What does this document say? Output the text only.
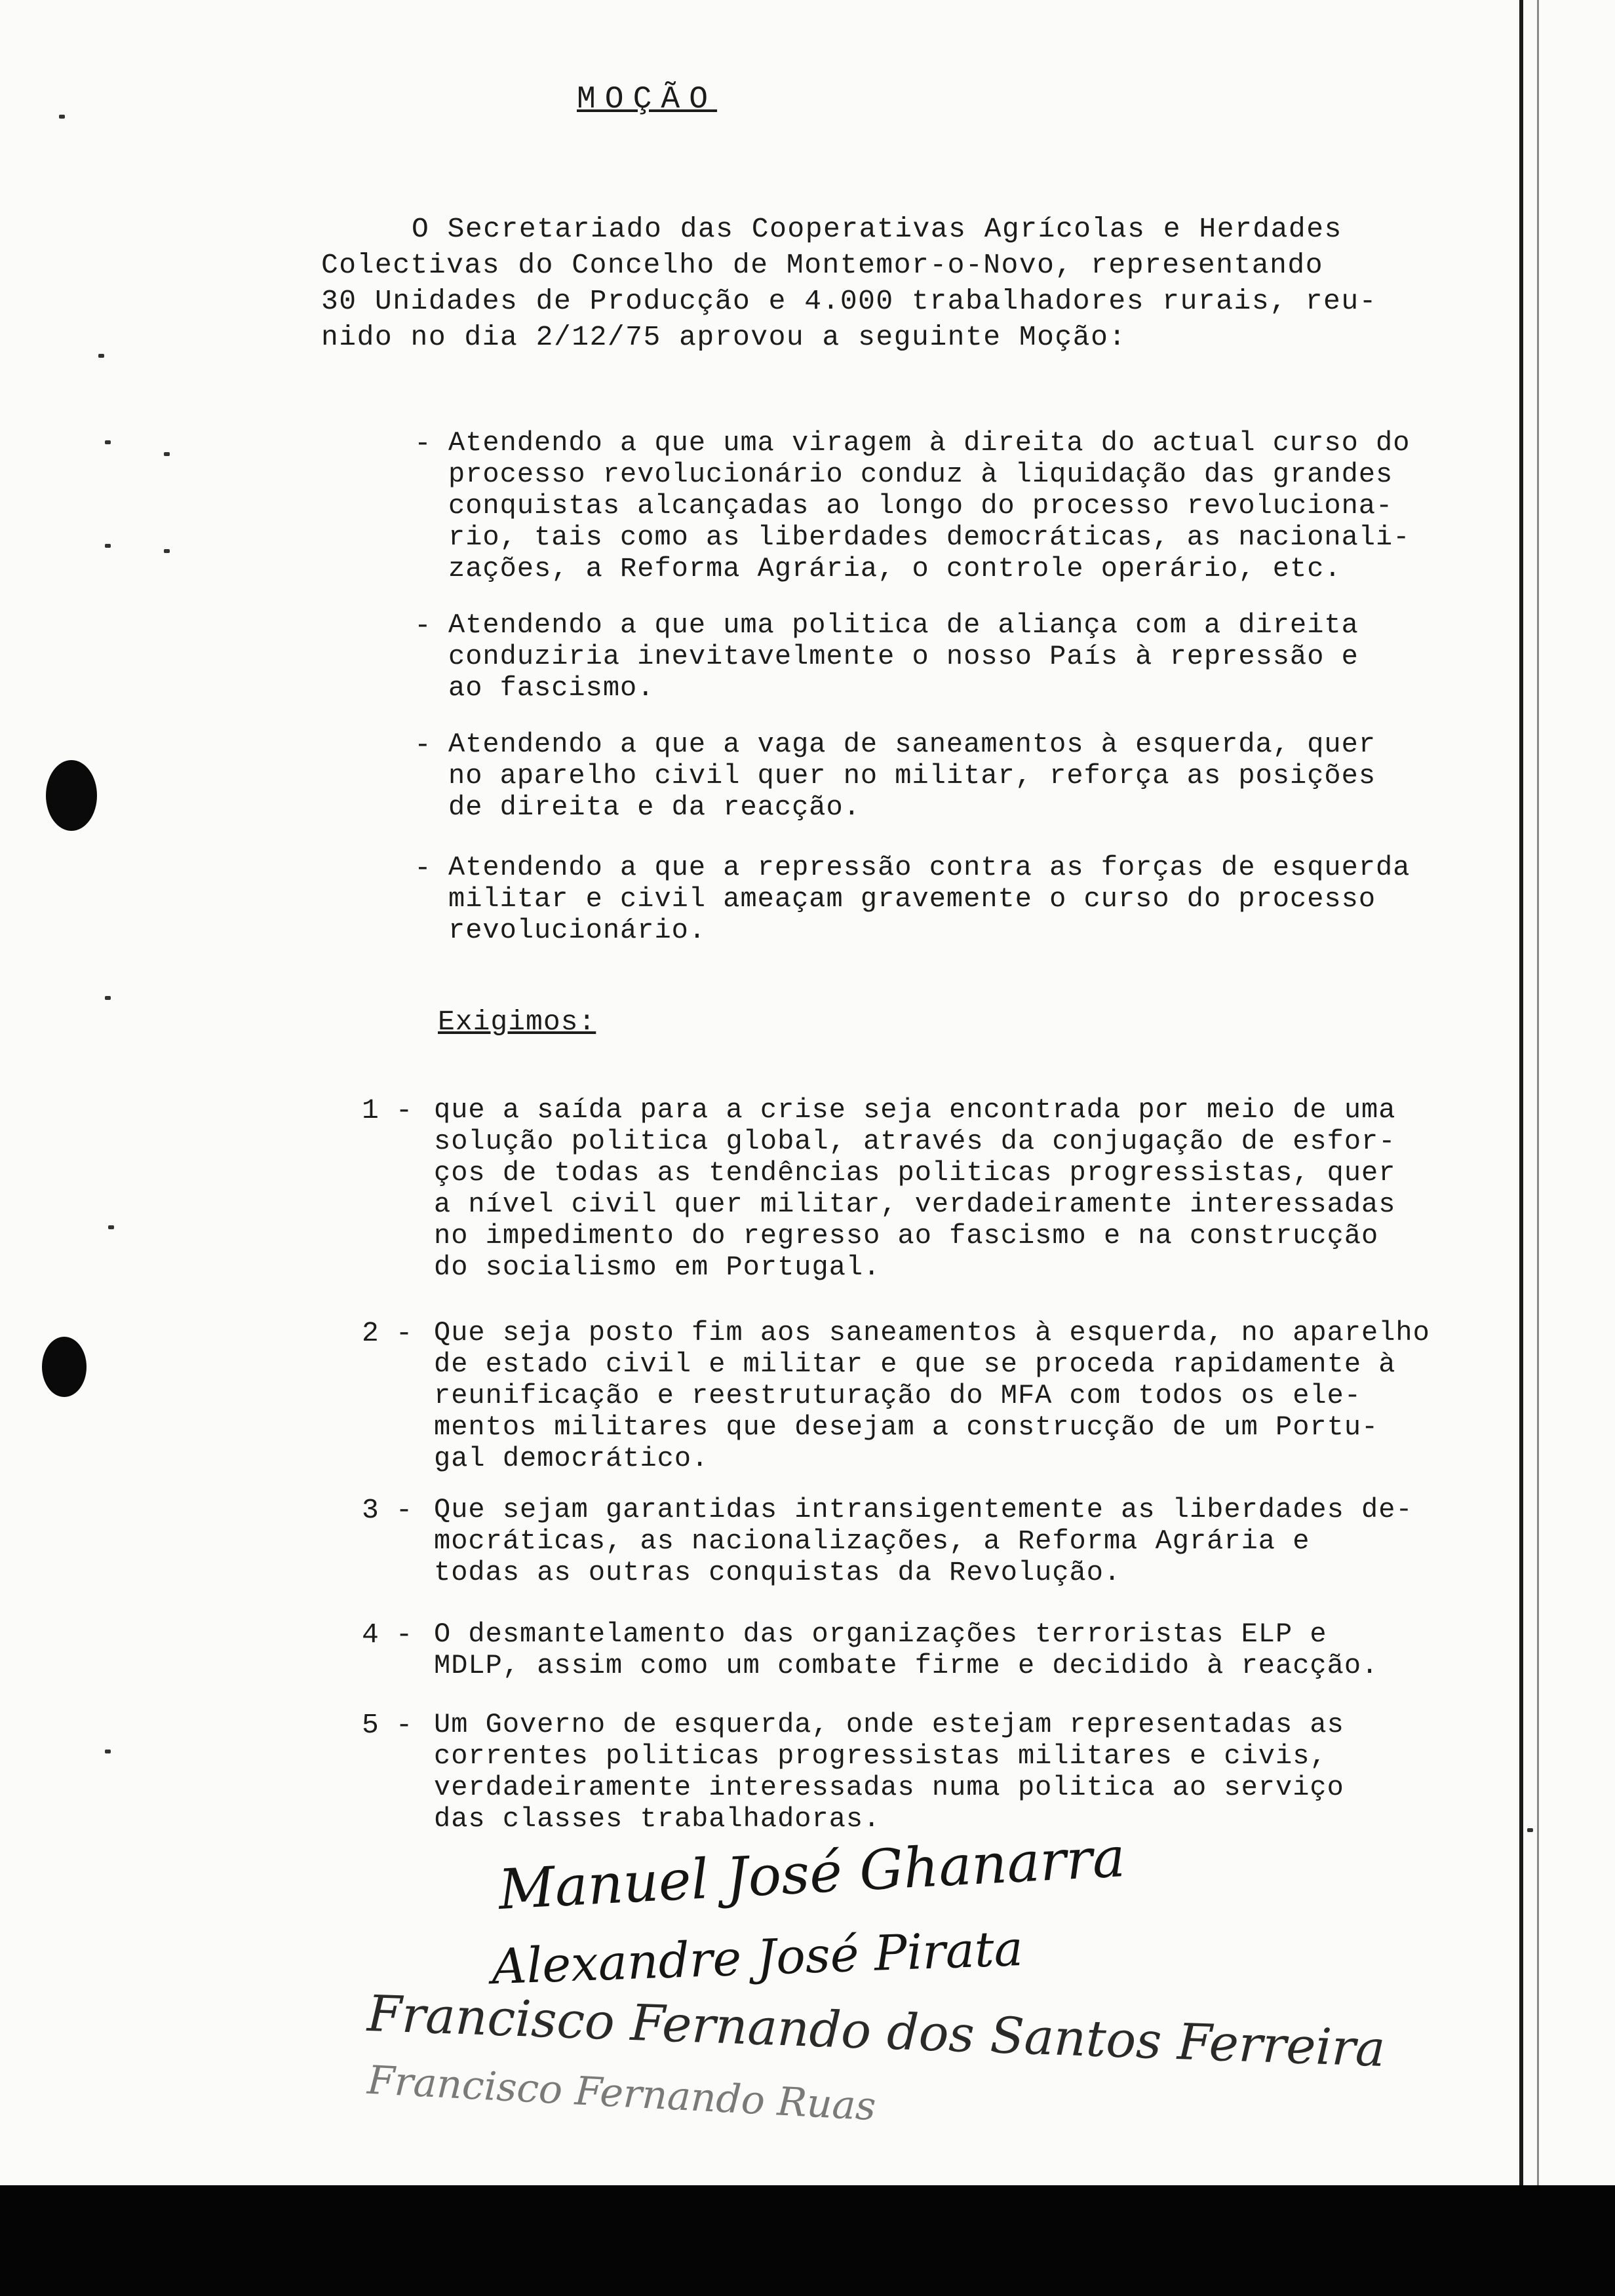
MOÇÃO
O Secretariado das Cooperativas Agrícolas e Herdades
Colectivas do Concelho de Montemor-o-Novo, representando
30 Unidades de Producção e 4.000 trabalhadores rurais, reu-
nido no dia 2/12/75 aprovou a seguinte Moção:
- Atendendo a que uma viragem à direita do actual curso do
processo revolucionário conduz à liquidação das grandes
conquistas alcançadas ao longo do processo revoluciona-
rio, tais como as liberdades democráticas, as nacionali-
zações, a Reforma Agrária, o controle operário, etc.
- Atendendo a que uma politica de aliança com a direita
conduziria inevitavelmente o nosso País à repressão e
ao fascismo.
- Atendendo a que a vaga de saneamentos à esquerda, quer
no aparelho civil quer no militar, reforça as posições
de direita e da reacção.
- Atendendo a que a repressão contra as forças de esquerda
militar e civil ameaçam gravemente o curso do processo
revolucionário.
Exigimos:
1 - que a saída para a crise seja encontrada por meio de uma
solução politica global, através da conjugação de esfor-
ços de todas as tendências politicas progressistas, quer
a nível civil quer militar, verdadeiramente interessadas
no impedimento do regresso ao fascismo e na construcção
do socialismo em Portugal.
2 - Que seja posto fim aos saneamentos à esquerda, no aparelho
de estado civil e militar e que se proceda rapidamente à
reunificação e reestruturação do MFA com todos os ele-
mentos militares que desejam a construcção de um Portu-
gal democrático.
3 - Que sejam garantidas intransigentemente as liberdades de-
mocráticas, as nacionalizações, a Reforma Agrária e
todas as outras conquistas da Revolução.
4 - O desmantelamento das organizações terroristas ELP e
MDLP, assim como um combate firme e decidido à reacção.
5 - Um Governo de esquerda, onde estejam representadas as
correntes politicas progressistas militares e civis,
verdadeiramente interessadas numa politica ao serviço
das classes trabalhadoras.
Manuel José Ghanarra
Alexandre José Pirata
Francisco Fernando dos Santos Ferreira
Francisco Fernando Ruas
